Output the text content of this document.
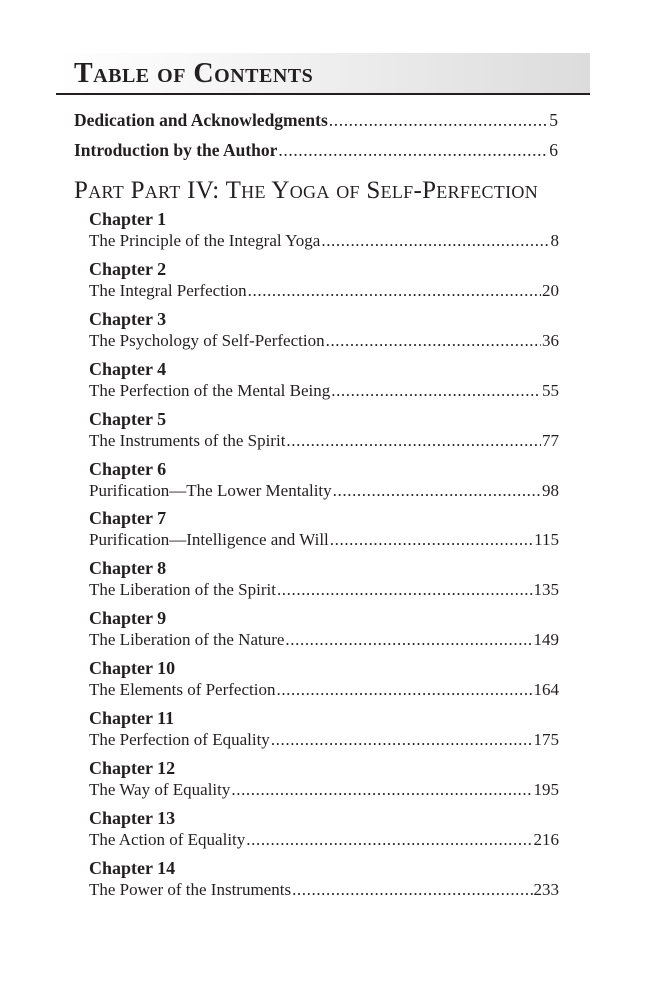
Table of Contents
Dedication and Acknowledgments .....	5
Introduction by the Author .....	6
Part Part IV: The Yoga of Self-Perfection
Chapter 1
The Principle of the Integral Yoga .....	8
Chapter 2
The Integral Perfection .....	20
Chapter 3
The Psychology of Self-Perfection .....	36
Chapter 4
The Perfection of the Mental Being .....	55
Chapter 5
The Instruments of the Spirit .....	77
Chapter 6
Purification—The Lower Mentality .....	98
Chapter 7
Purification—Intelligence and Will .....	115
Chapter 8
The Liberation of the Spirit .....	135
Chapter 9
The Liberation of the Nature .....	149
Chapter 10
The Elements of Perfection .....	164
Chapter 11
The Perfection of Equality .....	175
Chapter 12
The Way of Equality .....	195
Chapter 13
The Action of Equality .....	216
Chapter 14
The Power of the Instruments .....	233
